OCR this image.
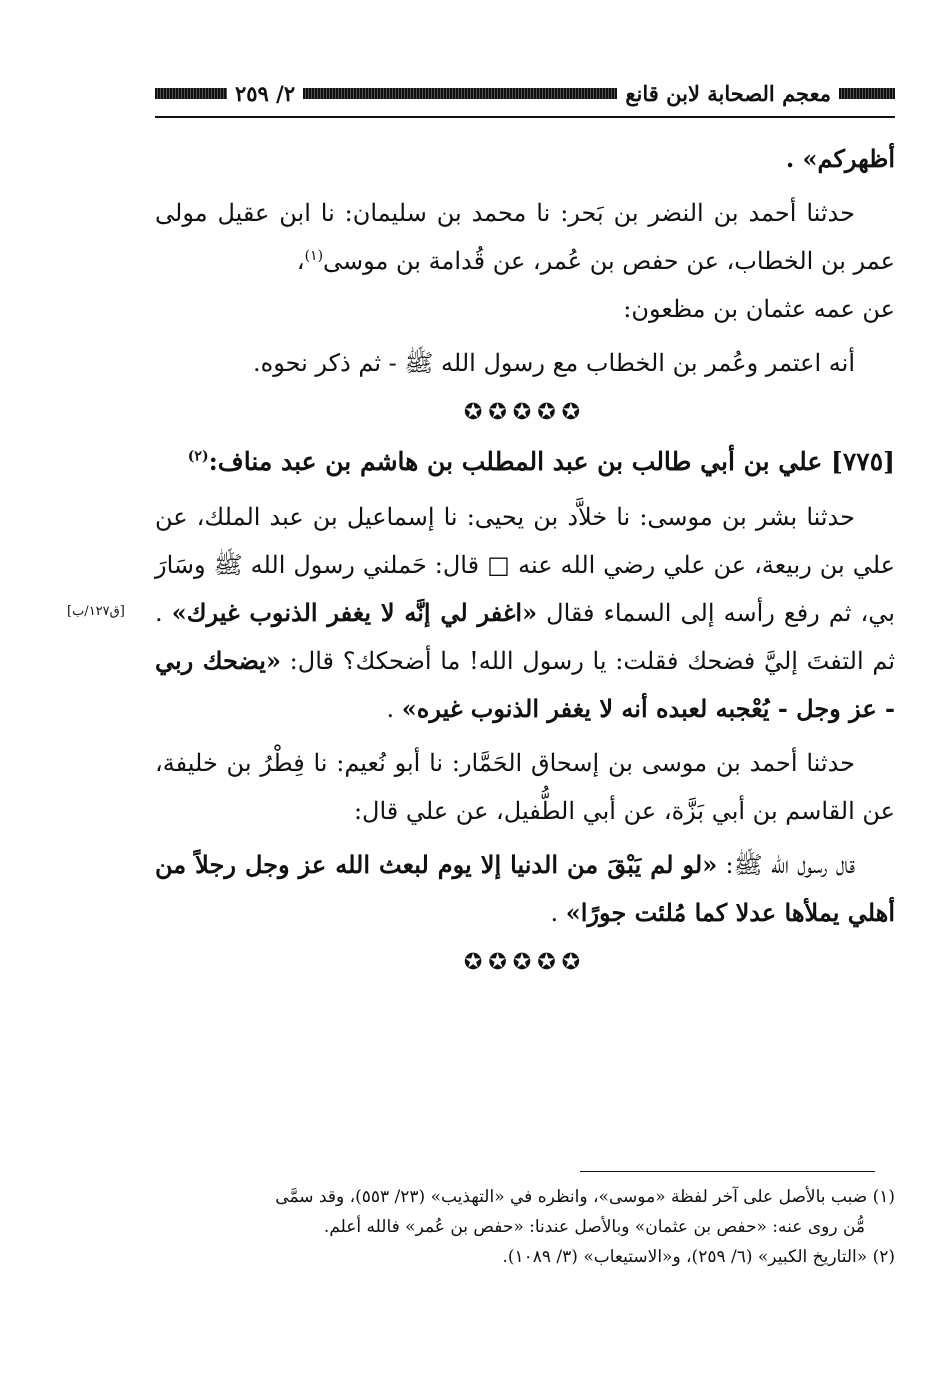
معجم الصحابة لابن قانع
٢/ ٢٥٩

أظهركم» .

حدثنا أحمد بن النضر بن بَحر: نا محمد بن سليمان: نا ابن عقيل مولى عمر بن الخطاب، عن حفص بن عُمر، عن قُدامة بن موسى$^{(١)}$،

عن عمه عثمان بن مظعون:

أنه اعتمر وعُمر بن الخطاب مع رسول الله ﷺ - ثم ذكر نحوه.

✪✪✪✪✪

[٧٧٥] علي بن أبي طالب بن عبد المطلب بن هاشم بن عبد مناف:$^{(٢)}$

حدثنا بشر بن موسى: نا خلاَّد بن يحيى: نا إسماعيل بن عبد الملك، عن علي بن ربيعة، عن علي رضي الله عنه □ قال: حَملني رسول الله ﷺ وسَارَ بي، ثم رفع رأسه إلى السماء فقال «اغفر لي إنَّه لا يغفر الذنوب غيرك» . ثم التفتَ إليَّ فضحك فقلت: يا رسول الله! ما أضحكك؟ قال: «يضحك ربي - عز وجل - يُعْجبه لعبده أنه لا يغفر الذنوب غيره» .

حدثنا أحمد بن موسى بن إسحاق الحَمَّار: نا أبو نُعيم: نا فِطْرُ بن خليفة، عن القاسم بن أبي بَزَّة، عن أبي الطُّفيل، عن علي قال:

قال رسول الله ﷺ: «لو لم يَبْقَ من الدنيا إلا يوم لبعث الله عز وجل رجلاً من أهلي يملأها عدلا كما مُلئت جورًا» .

✪✪✪✪✪
[ق١٢٧/ب]

(١) ضبب بالأصل على آخر لفظة «موسى»، وانظره في «التهذيب» (٢٣/ ٥٥٣)، وقد سمَّى

مُّن روى عنه: «حفص بن عثمان» وبالأصل عندنا: «حفص بن عُمر» فالله أعلم.

(٢) «التاريخ الكبير» (٦/ ٢٥٩)، و«الاستيعاب» (٣/ ١٠٨٩).
